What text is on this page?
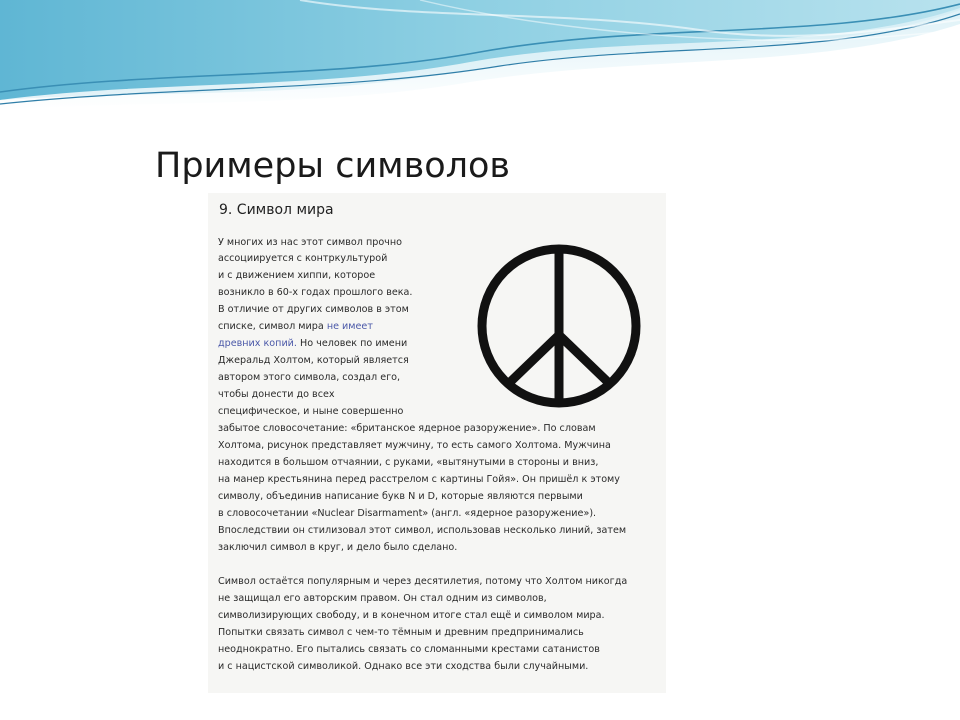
Примеры символов
9. Символ мира
У многих из нас этот символ прочно
ассоциируется с контркультурой
и с движением хиппи, которое
возникло в 60-х годах прошлого века.
В отличие от других символов в этом
списке, символ мира не имеет
древних копий. Но человек по имени
Джеральд Холтом, который является
автором этого символа, создал его,
чтобы донести до всех
специфическое, и ныне совершенно
забытое словосочетание: «британское ядерное разоружение». По словам
Холтома, рисунок представляет мужчину, то есть самого Холтома. Мужчина
находится в большом отчаянии, с руками, «вытянутыми в стороны и вниз,
на манер крестьянина перед расстрелом с картины Гойя». Он пришёл к этому
символу, объединив написание букв N и D, которые являются первыми
в словосочетании «Nuclear Disarmament» (англ. «ядерное разоружение»).
Впоследствии он стилизовал этот символ, использовав несколько линий, затем
заключил символ в круг, и дело было сделано.
Символ остаётся популярным и через десятилетия, потому что Холтом никогда
не защищал его авторским правом. Он стал одним из символов,
символизирующих свободу, и в конечном итоге стал ещё и символом мира.
Попытки связать символ с чем-то тёмным и древним предпринимались
неоднократно. Его пытались связать со сломанными крестами сатанистов
и с нацистской символикой. Однако все эти сходства были случайными.
